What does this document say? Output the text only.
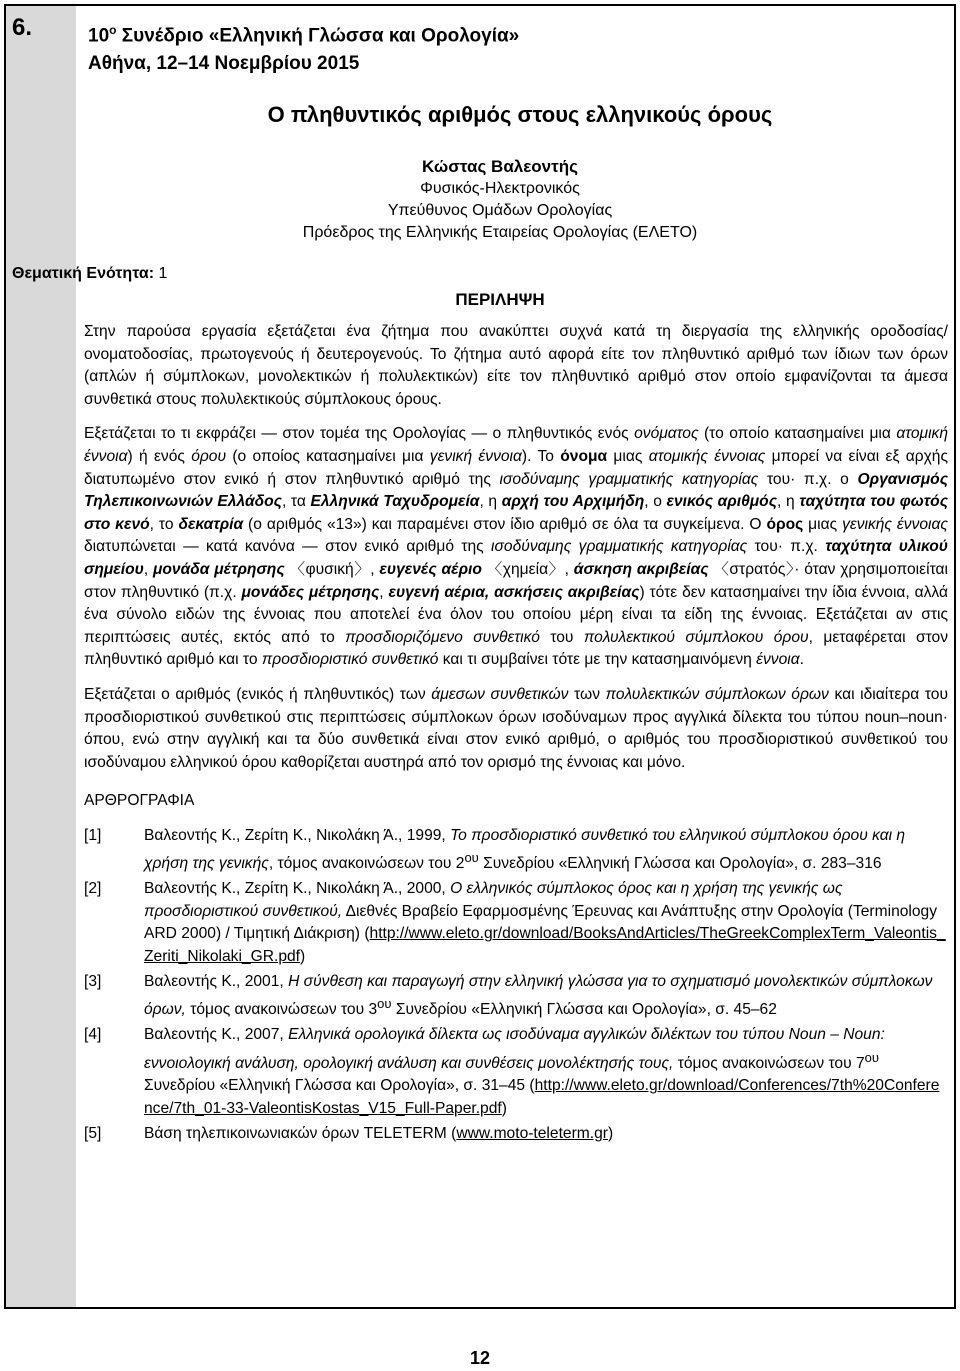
6.	$10^o$ Συνέδριο «Ελληνική Γλώσσα και Ορολογία»
Αθήνα, 12–14 Νοεμβρίου 2015
Ο πληθυντικός αριθμός στους ελληνικούς όρους
Κώστας Βαλεοντής
Φυσικός-Ηλεκτρονικός
Υπεύθυνος Ομάδων Ορολογίας
Πρόεδρος της Ελληνικής Εταιρείας Ορολογίας (ΕΛΕΤΟ)
Θεματική Ενότητα: 1
ΠΕΡΙΛΗΨΗ

Στην παρούσα εργασία εξετάζεται ένα ζήτημα που ανακύπτει συχνά κατά τη διεργασία της ελληνικής ορoδοσίας/ονοματοδοσίας, πρωτογενούς ή δευτερογενούς. Το ζήτημα αυτό αφορά είτε τον πληθυντικό αριθμό των ίδιων των όρων (απλών ή σύμπλοκων, μονολεκτικών ή πολυλεκτικών) είτε τον πληθυντικό αριθμό στον οποίο εμφανίζονται τα άμεσα συνθετικά στους πολυλεκτικούς σύμπλοκους όρους.

Εξετάζεται το τι εκφράζει — στον τομέα της Ορολογίας — ο πληθυντικός ενός ονόματος (το οποίο κατασημαίνει μια ατομική έννοια) ή ενός όρου (ο οποίος κατασημαίνει μια γενική έννοια). Το όνομα μιας ατομικής έννοιας μπορεί να είναι εξ αρχής διατυπωμένο στον ενικό ή στον πληθυντικό αριθμό της ισοδύναμης γραμματικής κατηγορίας του· π.χ. ο Οργανισμός Τηλεπικοινωνιών Ελλάδος, τα Ελληνικά Ταχυδρομεία, η αρχή του Αρχιμήδη, ο ενικός αριθμός, η ταχύτητα του φωτός στο κενό, το δεκατρία (ο αριθμός «13») και παραμένει στον ίδιο αριθμό σε όλα τα συγκείμενα. Ο όρος μιας γενικής έννοιας διατυπώνεται — κατά κανόνα — στον ενικό αριθμό της ισοδύναμης γραμματικής κατηγορίας του· π.χ. ταχύτητα υλικού σημείου, μονάδα μέτρησης 〈φυσική〉, ευγενές αέριο 〈χημεία〉, άσκηση ακριβείας 〈στρατός〉· όταν χρησιμοποιείται στον πληθυντικό (π.χ. μονάδες μέτρησης, ευγενή αέρια, ασκήσεις ακριβείας) τότε δεν κατασημαίνει την ίδια έννοια, αλλά ένα σύνολο ειδών της έννοιας που αποτελεί ένα όλον του οποίου μέρη είναι τα είδη της έννοιας. Εξετάζεται αν στις περιπτώσεις αυτές, εκτός από το προσδιοριζόμενο συνθετικό του πολυλεκτικού σύμπλοκου όρου, μεταφέρεται στον πληθυντικό αριθμό και το προσδιοριστικό συνθετικό και τι συμβαίνει τότε με την κατασημαινόμενη έννοια.

Εξετάζεται ο αριθμός (ενικός ή πληθυντικός) των άμεσων συνθετικών των πολυλεκτικών σύμπλοκων όρων και ιδιαίτερα του προσδιοριστικού συνθετικού στις περιπτώσεις σύμπλοκων όρων ισοδύναμων προς αγγλικά δίλεκτα του τύπου noun–noun· όπου, ενώ στην αγγλική και τα δύο συνθετικά είναι στον ενικό αριθμό, ο αριθμός του προσδιοριστικού συνθετικού του ισοδύναμου ελληνικού όρου καθορίζεται αυστηρά από τον ορισμό της έννοιας και μόνο.

ΑΡΘΡΟΓΡΑΦΙΑ
[1]	Βαλεοντής Κ., Ζερίτη Κ., Νικολάκη Ά., 1999, Το προσδιοριστικό συνθετικό του ελληνικού σύμπλοκου όρου και η χρήση της γενικής, τόμος ανακοινώσεων του $2^{o\upsilon}$ Συνεδρίου «Ελληνική Γλώσσα και Ορολογία», σ. 283–316
[2]	Βαλεοντής Κ., Ζερίτη Κ., Νικολάκη Ά., 2000, Ο ελληνικός σύμπλοκος όρος και η χρήση της γενικής ως προσδιοριστικού συνθετικού, Διεθνές Βραβείο Εφαρμοσμένης Έρευνας και Ανάπτυξης στην Ορολογία (Terminology ARD 2000) / Τιμητική Διάκριση) (http://www.eleto.gr/download/BooksAndArticles/TheGreekComplexTerm_Valeontis_Zeriti_Nikolaki_GR.pdf)
[3]	Βαλεοντής Κ., 2001, Η σύνθεση και παραγωγή στην ελληνική γλώσσα για το σχηματισμό μονολεκτικών σύμπλοκων όρων, τόμος ανακοινώσεων του $3^{o\upsilon}$ Συνεδρίου «Ελληνική Γλώσσα και Ορολογία», σ. 45–62
[4]	Βαλεοντής Κ., 2007, Ελληνικά ορολογικά δίλεκτα ως ισοδύναμα αγγλικών διλέκτων του τύπου Noun – Noun: εννοιολογική ανάλυση, ορολογική ανάλυση και συνθέσεις μονολέκτησής τους, τόμος ανακοινώσεων του $7^{o\upsilon}$ Συνεδρίου «Ελληνική Γλώσσα και Ορολογία», σ. 31–45 (http://www.eleto.gr/download/Conferences/7th%20Conference/7th_01-33-ValeontisKostas_V15_Full-Paper.pdf)
[5]	Βάση τηλεπικοινωνιακών όρων TELETERM (www.moto-teleterm.gr)
12
